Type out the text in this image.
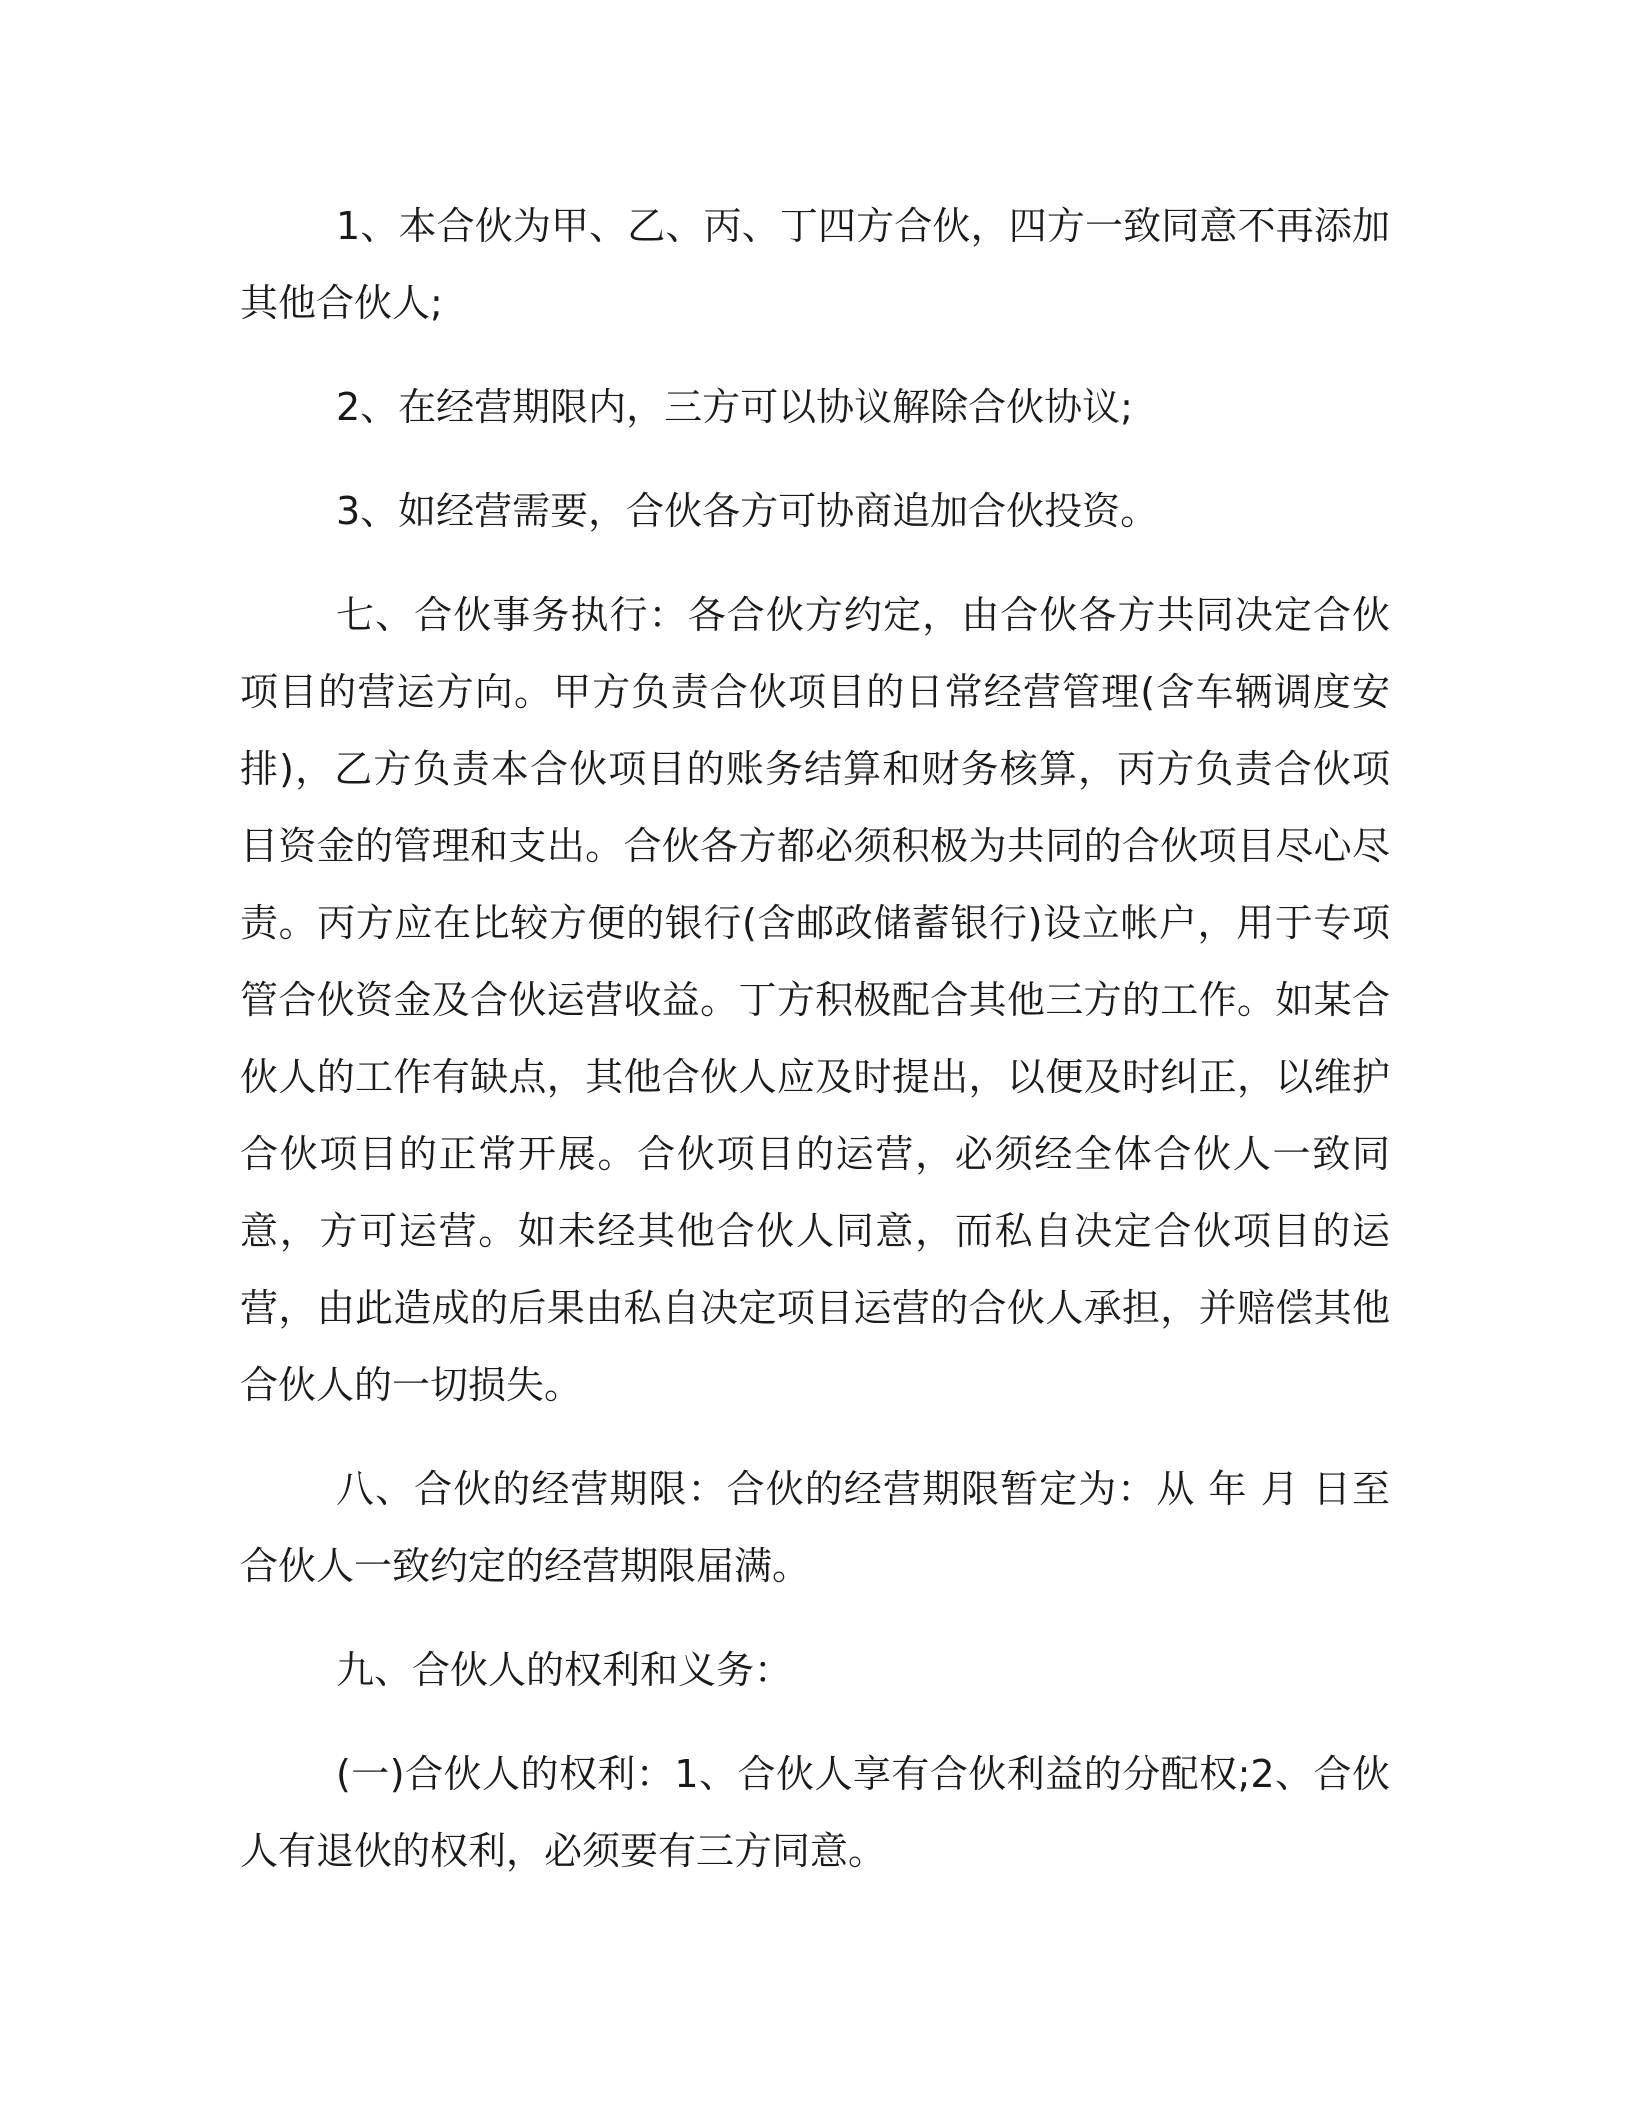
1、本合伙为甲、乙、丙、丁四方合伙，四方一致同意不再添加其他合伙人;

2、在经营期限内，三方可以协议解除合伙协议;

3、如经营需要，合伙各方可协商追加合伙投资。

七、合伙事务执行：各合伙方约定，由合伙各方共同决定合伙项目的营运方向。甲方负责合伙项目的日常经营管理(含车辆调度安排)，乙方负责本合伙项目的账务结算和财务核算，丙方负责合伙项目资金的管理和支出。合伙各方都必须积极为共同的合伙项目尽心尽责。丙方应在比较方便的银行(含邮政储蓄银行)设立帐户，用于专项管合伙资金及合伙运营收益。丁方积极配合其他三方的工作。如某合伙人的工作有缺点，其他合伙人应及时提出，以便及时纠正，以维护合伙项目的正常开展。合伙项目的运营，必须经全体合伙人一致同意，方可运营。如未经其他合伙人同意，而私自决定合伙项目的运营，由此造成的后果由私自决定项目运营的合伙人承担，并赔偿其他合伙人的一切损失。

八、合伙的经营期限：合伙的经营期限暂定为：从 年 月 日至合伙人一致约定的经营期限届满。

九、合伙人的权利和义务：

(一)合伙人的权利：1、合伙人享有合伙利益的分配权;2、合伙人有退伙的权利，必须要有三方同意。
